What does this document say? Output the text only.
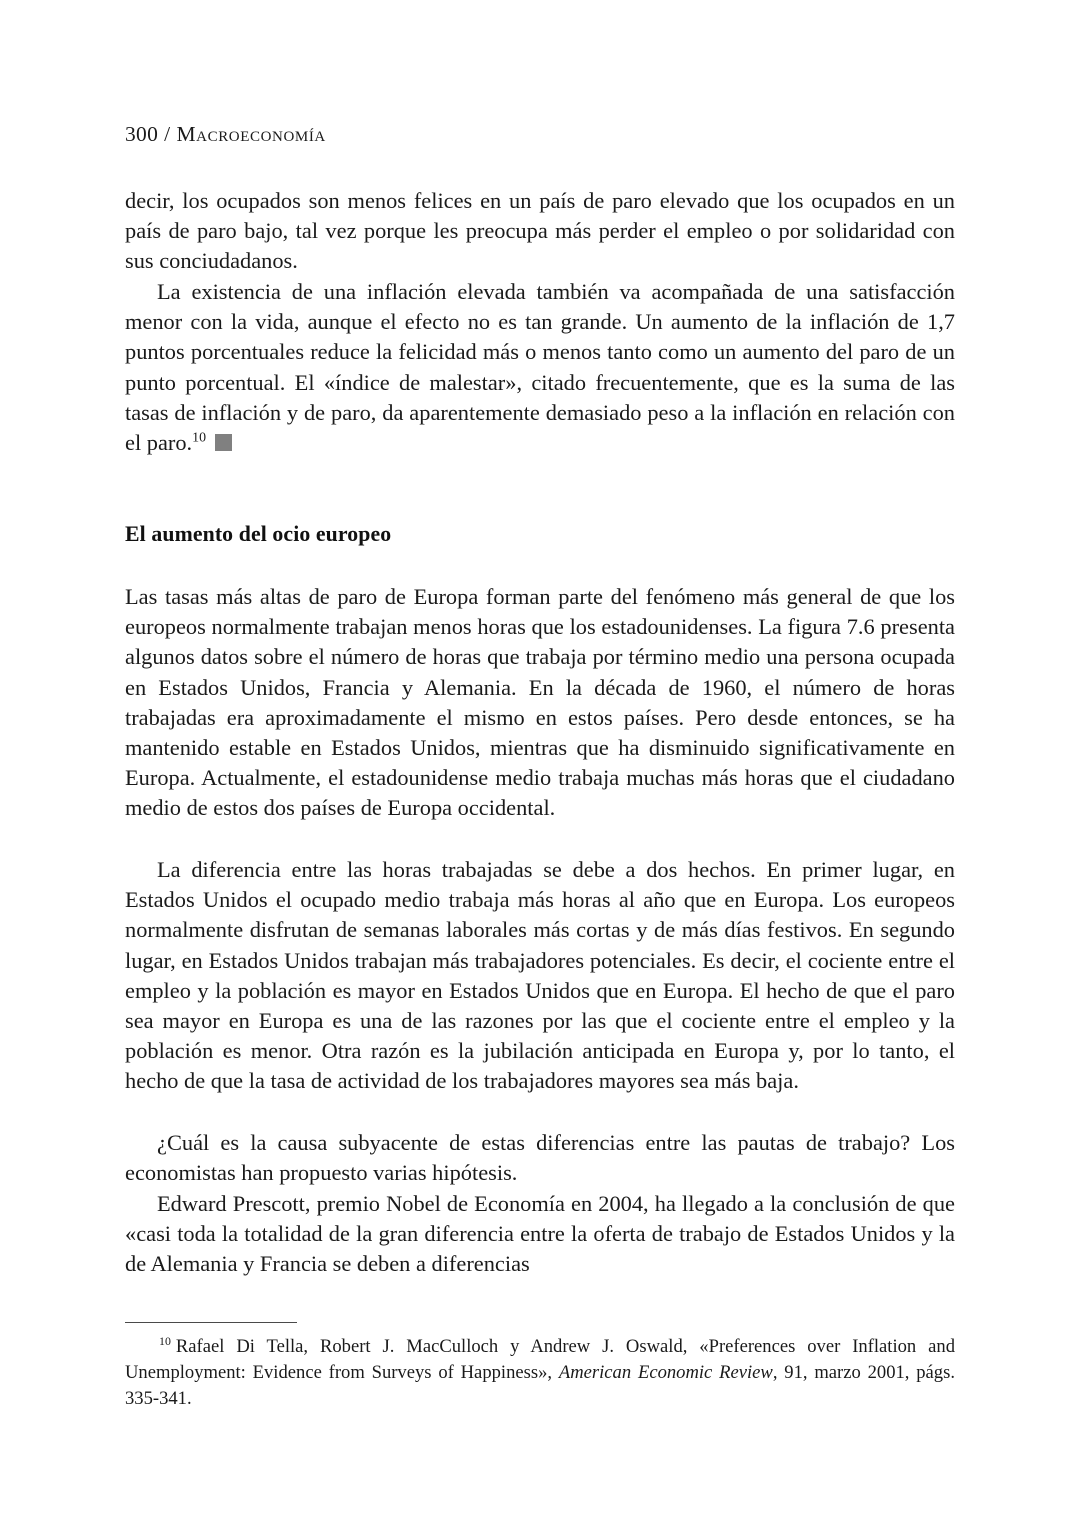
300 / Macroeconomía

decir, los ocupados son menos felices en un país de paro elevado que los ocupados en un país de paro bajo, tal vez porque les preocupa más perder el empleo o por solidaridad con sus conciudadanos.

La existencia de una inflación elevada también va acompañada de una satisfacción menor con la vida, aunque el efecto no es tan grande. Un aumento de la inflación de 1,7 puntos porcentuales reduce la felicidad más o menos tanto como un aumento del paro de un punto porcentual. El «índice de malestar», citado frecuentemente, que es la suma de las tasas de inflación y de paro, da aparentemente demasiado peso a la inflación en relación con el paro.$^{10}$

El aumento del ocio europeo

Las tasas más altas de paro de Europa forman parte del fenómeno más general de que los europeos normalmente trabajan menos horas que los estadounidenses. La figura 7.6 presenta algunos datos sobre el número de horas que trabaja por término medio una persona ocupada en Estados Unidos, Francia y Alemania. En la década de 1960, el número de horas trabajadas era aproximadamente el mismo en estos países. Pero desde entonces, se ha mantenido estable en Estados Unidos, mientras que ha disminuido significativamente en Europa. Actualmente, el estadounidense medio trabaja muchas más horas que el ciudadano medio de estos dos países de Europa occidental.

La diferencia entre las horas trabajadas se debe a dos hechos. En primer lugar, en Estados Unidos el ocupado medio trabaja más horas al año que en Europa. Los europeos normalmente disfrutan de semanas laborales más cortas y de más días festivos. En segundo lugar, en Estados Unidos trabajan más trabajadores potenciales. Es decir, el cociente entre el empleo y la población es mayor en Estados Unidos que en Europa. El hecho de que el paro sea mayor en Europa es una de las razones por las que el cociente entre el empleo y la población es menor. Otra razón es la jubilación anticipada en Europa y, por lo tanto, el hecho de que la tasa de actividad de los trabajadores mayores sea más baja.

¿Cuál es la causa subyacente de estas diferencias entre las pautas de trabajo? Los economistas han propuesto varias hipótesis.

Edward Prescott, premio Nobel de Economía en 2004, ha llegado a la conclusión de que «casi toda la totalidad de la gran diferencia entre la oferta de trabajo de Estados Unidos y la de Alemania y Francia se deben a diferencias

$^{10}$ Rafael Di Tella, Robert J. MacCulloch y Andrew J. Oswald, «Preferences over Inflation and Unemployment: Evidence from Surveys of Happiness», American Economic Review, 91, marzo 2001, págs. 335-341.
